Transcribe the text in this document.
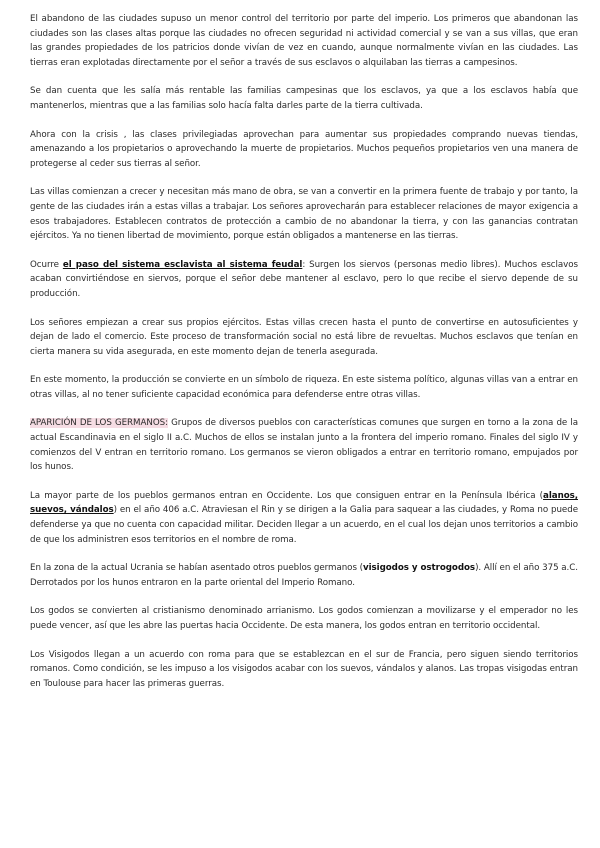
El abandono de las ciudades supuso un menor control del territorio por parte del imperio. Los primeros que abandonan las ciudades son las clases altas porque las ciudades no ofrecen seguridad ni actividad comercial y se van a sus villas, que eran las grandes propiedades de los patricios donde vivían de vez en cuando, aunque normalmente vivían en las ciudades. Las tierras eran explotadas directamente por el señor a través de sus esclavos o alquilaban las tierras a campesinos.

Se dan cuenta que les salía más rentable las familias campesinas que los esclavos, ya que a los esclavos había que mantenerlos, mientras que a las familias solo hacía falta darles parte de la tierra cultivada.

Ahora con la crisis , las clases privilegiadas aprovechan para aumentar sus propiedades comprando nuevas tiendas, amenazando a los propietarios o aprovechando la muerte de propietarios. Muchos pequeños propietarios ven una manera de protegerse al ceder sus tierras al señor.

Las villas comienzan a crecer y necesitan más mano de obra, se van a convertir en la primera fuente de trabajo y por tanto, la gente de las ciudades irán a estas villas a trabajar. Los señores aprovecharán para establecer relaciones de mayor exigencia a esos trabajadores. Establecen contratos de protección a cambio de no abandonar la tierra, y con las ganancias contratan ejércitos. Ya no tienen libertad de movimiento, porque están obligados a mantenerse en las tierras.

Ocurre el paso del sistema esclavista al sistema feudal: Surgen los siervos (personas medio libres). Muchos esclavos acaban convirtiéndose en siervos, porque el señor debe mantener al esclavo, pero lo que recibe el siervo depende de su producción.

Los señores empiezan a crear sus propios ejércitos. Estas villas crecen hasta el punto de convertirse en autosuficientes y dejan de lado el comercio. Este proceso de transformación social no está libre de revueltas. Muchos esclavos que tenían en cierta manera su vida asegurada, en este momento dejan de tenerla asegurada.

En este momento, la producción se convierte en un símbolo de riqueza. En este sistema político, algunas villas van a entrar en otras villas, al no tener suficiente capacidad económica para defenderse entre otras villas.

APARICIÓN DE LOS GERMANOS: Grupos de diversos pueblos con características comunes que surgen en torno a la zona de la actual Escandinavia en el siglo II a.C. Muchos de ellos se instalan junto a la frontera del imperio romano. Finales del siglo IV y comienzos del V entran en territorio romano. Los germanos se vieron obligados a entrar en territorio romano, empujados por los hunos.

La mayor parte de los pueblos germanos entran en Occidente. Los que consiguen entrar en la Península Ibérica (alanos, suevos, vándalos) en el año 406 a.C. Atraviesan el Rin y se dirigen a la Galia para saquear a las ciudades, y Roma no puede defenderse ya que no cuenta con capacidad militar. Deciden llegar a un acuerdo, en el cual los dejan unos territorios a cambio de que los administren esos territorios en el nombre de roma.

En la zona de la actual Ucrania se habían asentado otros pueblos germanos (visigodos y ostrogodos). Allí en el año 375 a.C. Derrotados por los hunos entraron en la parte oriental del Imperio Romano.

Los godos se convierten al cristianismo denominado arrianismo. Los godos comienzan a movilizarse y el emperador no les puede vencer, así que les abre las puertas hacia Occidente. De esta manera, los godos entran en territorio occidental.

Los Visigodos llegan a un acuerdo con roma para que se establezcan en el sur de Francia, pero siguen siendo territorios romanos. Como condición, se les impuso a los visigodos acabar con los suevos, vándalos y alanos. Las tropas visigodas entran en Toulouse para hacer las primeras guerras.
